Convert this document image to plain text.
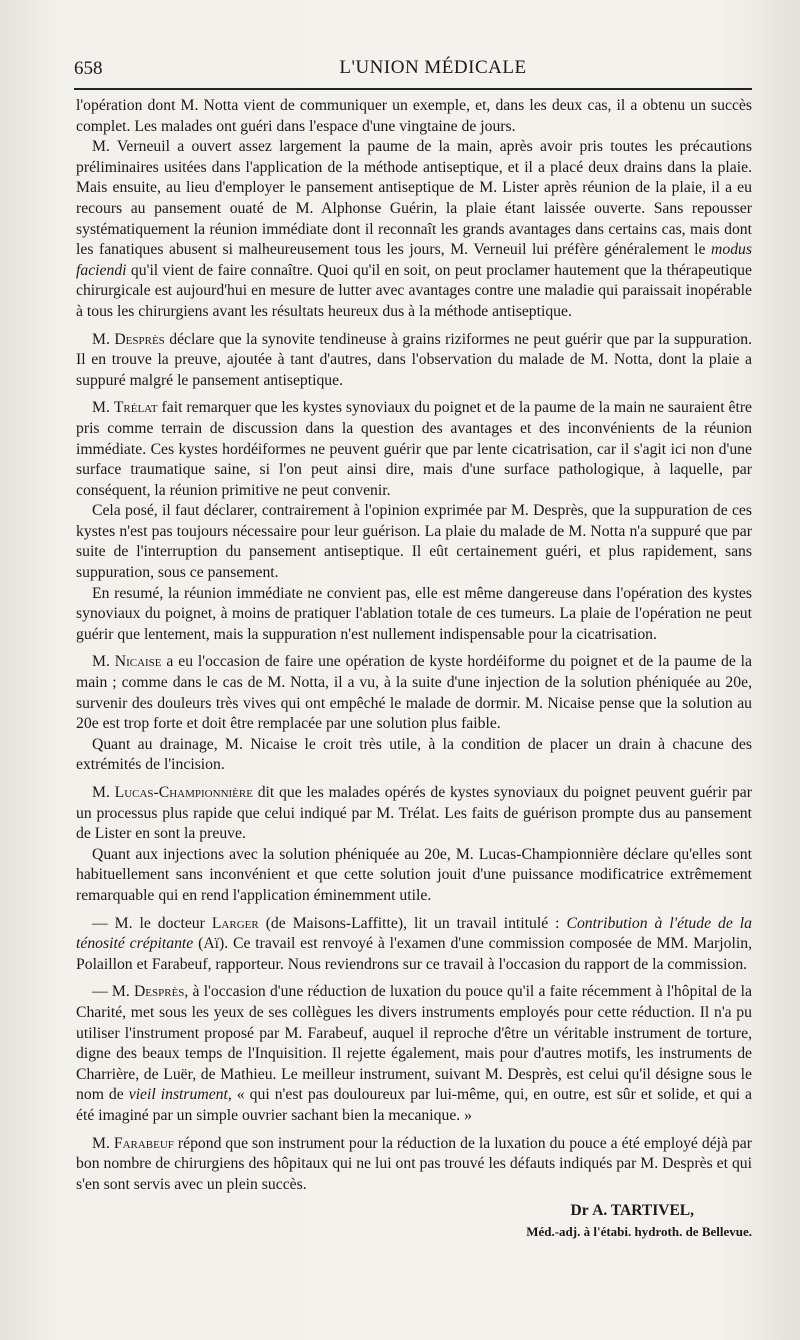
658	L'UNION MÉDICALE

l'opération dont M. Notta vient de communiquer un exemple, et, dans les deux cas, il a obtenu un succès complet. Les malades ont guéri dans l'espace d'une vingtaine de jours.

M. Verneuil a ouvert assez largement la paume de la main, après avoir pris toutes les précautions préliminaires usitées dans l'application de la méthode antiseptique, et il a placé deux drains dans la plaie. Mais ensuite, au lieu d'employer le pansement antiseptique de M. Lister après réunion de la plaie, il a eu recours au pansement ouaté de M. Alphonse Guérin, la plaie étant laissée ouverte. Sans repousser systématiquement la réunion immédiate dont il reconnaît les grands avantages dans certains cas, mais dont les fanatiques abusent si malheureusement tous les jours, M. Verneuil lui préfère généralement le modus faciendi qu'il vient de faire connaître. Quoi qu'il en soit, on peut proclamer hautement que la thérapeutique chirurgicale est aujourd'hui en mesure de lutter avec avantages contre une maladie qui paraissait inopérable à tous les chirurgiens avant les résultats heureux dus à la méthode antiseptique.

M. Desprès déclare que la synovite tendineuse à grains riziformes ne peut guérir que par la suppuration. Il en trouve la preuve, ajoutée à tant d'autres, dans l'observation du malade de M. Notta, dont la plaie a suppuré malgré le pansement antiseptique.

M. Trélat fait remarquer que les kystes synoviaux du poignet et de la paume de la main ne sauraient être pris comme terrain de discussion dans la question des avantages et des inconvénients de la réunion immédiate. Ces kystes hordéiformes ne peuvent guérir que par lente cicatrisation, car il s'agit ici non d'une surface traumatique saine, si l'on peut ainsi dire, mais d'une surface pathologique, à laquelle, par conséquent, la réunion primitive ne peut convenir.

Cela posé, il faut déclarer, contrairement à l'opinion exprimée par M. Desprès, que la suppuration de ces kystes n'est pas toujours nécessaire pour leur guérison. La plaie du malade de M. Notta n'a suppuré que par suite de l'interruption du pansement antiseptique. Il eût certainement guéri, et plus rapidement, sans suppuration, sous ce pansement.

En resumé, la réunion immédiate ne convient pas, elle est même dangereuse dans l'opération des kystes synoviaux du poignet, à moins de pratiquer l'ablation totale de ces tumeurs. La plaie de l'opération ne peut guérir que lentement, mais la suppuration n'est nullement indispensable pour la cicatrisation.

M. Nicaise a eu l'occasion de faire une opération de kyste hordéiforme du poignet et de la paume de la main ; comme dans le cas de M. Notta, il a vu, à la suite d'une injection de la solution phéniquée au 20e, survenir des douleurs très vives qui ont empêché le malade de dormir. M. Nicaise pense que la solution au 20e est trop forte et doit être remplacée par une solution plus faible.

Quant au drainage, M. Nicaise le croit très utile, à la condition de placer un drain à chacune des extrémités de l'incision.

M. Lucas-Championnière dit que les malades opérés de kystes synoviaux du poignet peuvent guérir par un processus plus rapide que celui indiqué par M. Trélat. Les faits de guérison prompte dus au pansement de Lister en sont la preuve.

Quant aux injections avec la solution phéniquée au 20e, M. Lucas-Championnière déclare qu'elles sont habituellement sans inconvénient et que cette solution jouit d'une puissance modificatrice extrêmement remarquable qui en rend l'application éminemment utile.

— M. le docteur Larger (de Maisons-Laffitte), lit un travail intitulé : Contribution à l'étude de la ténosité crépitante (Aï). Ce travail est renvoyé à l'examen d'une commission composée de MM. Marjolin, Polaillon et Farabeuf, rapporteur. Nous reviendrons sur ce travail à l'occasion du rapport de la commission.

— M. Desprès, à l'occasion d'une réduction de luxation du pouce qu'il a faite récemment à l'hôpital de la Charité, met sous les yeux de ses collègues les divers instruments employés pour cette réduction. Il n'a pu utiliser l'instrument proposé par M. Farabeuf, auquel il reproche d'être un véritable instrument de torture, digne des beaux temps de l'Inquisition. Il rejette également, mais pour d'autres motifs, les instruments de Charrière, de Luër, de Mathieu. Le meilleur instrument, suivant M. Desprès, est celui qu'il désigne sous le nom de vieil instrument, « qui n'est pas douloureux par lui-même, qui, en outre, est sûr et solide, et qui a été imaginé par un simple ouvrier sachant bien la mecanique. »

M. Farabeuf répond que son instrument pour la réduction de la luxation du pouce a été employé déjà par bon nombre de chirurgiens des hôpitaux qui ne lui ont pas trouvé les défauts indiqués par M. Desprès et qui s'en sont servis avec un plein succès.

Dr A. TARTIVEL,
Méd.-adj. à l'étabi. hydroth. de Bellevue.
